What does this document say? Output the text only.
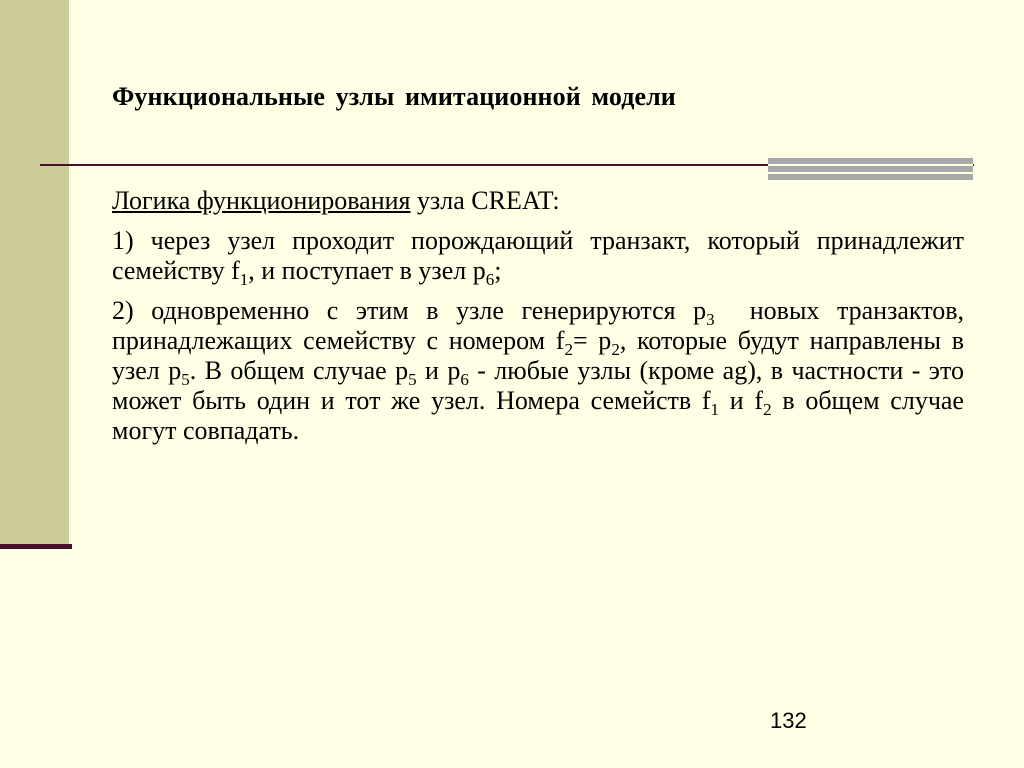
Функциональные узлы имитационной модели

Логика функционирования узла CREAT:

1) через узел проходит порождающий транзакт, который принадлежит семейству $f_1$, и поступает в узел $p_6$;

2) одновременно с этим в узле генерируются $p_3$  новых транзактов, принадлежащих семейству с номером $f_2= p_2$, которые будут направлены в узел $p_5$. В общем случае $p_5$ и $p_6$ - любые узлы (кроме ag), в частности - это может быть один и тот же узел. Номера семейств $f_1$ и $f_2$ в общем случае могут совпадать.

132
